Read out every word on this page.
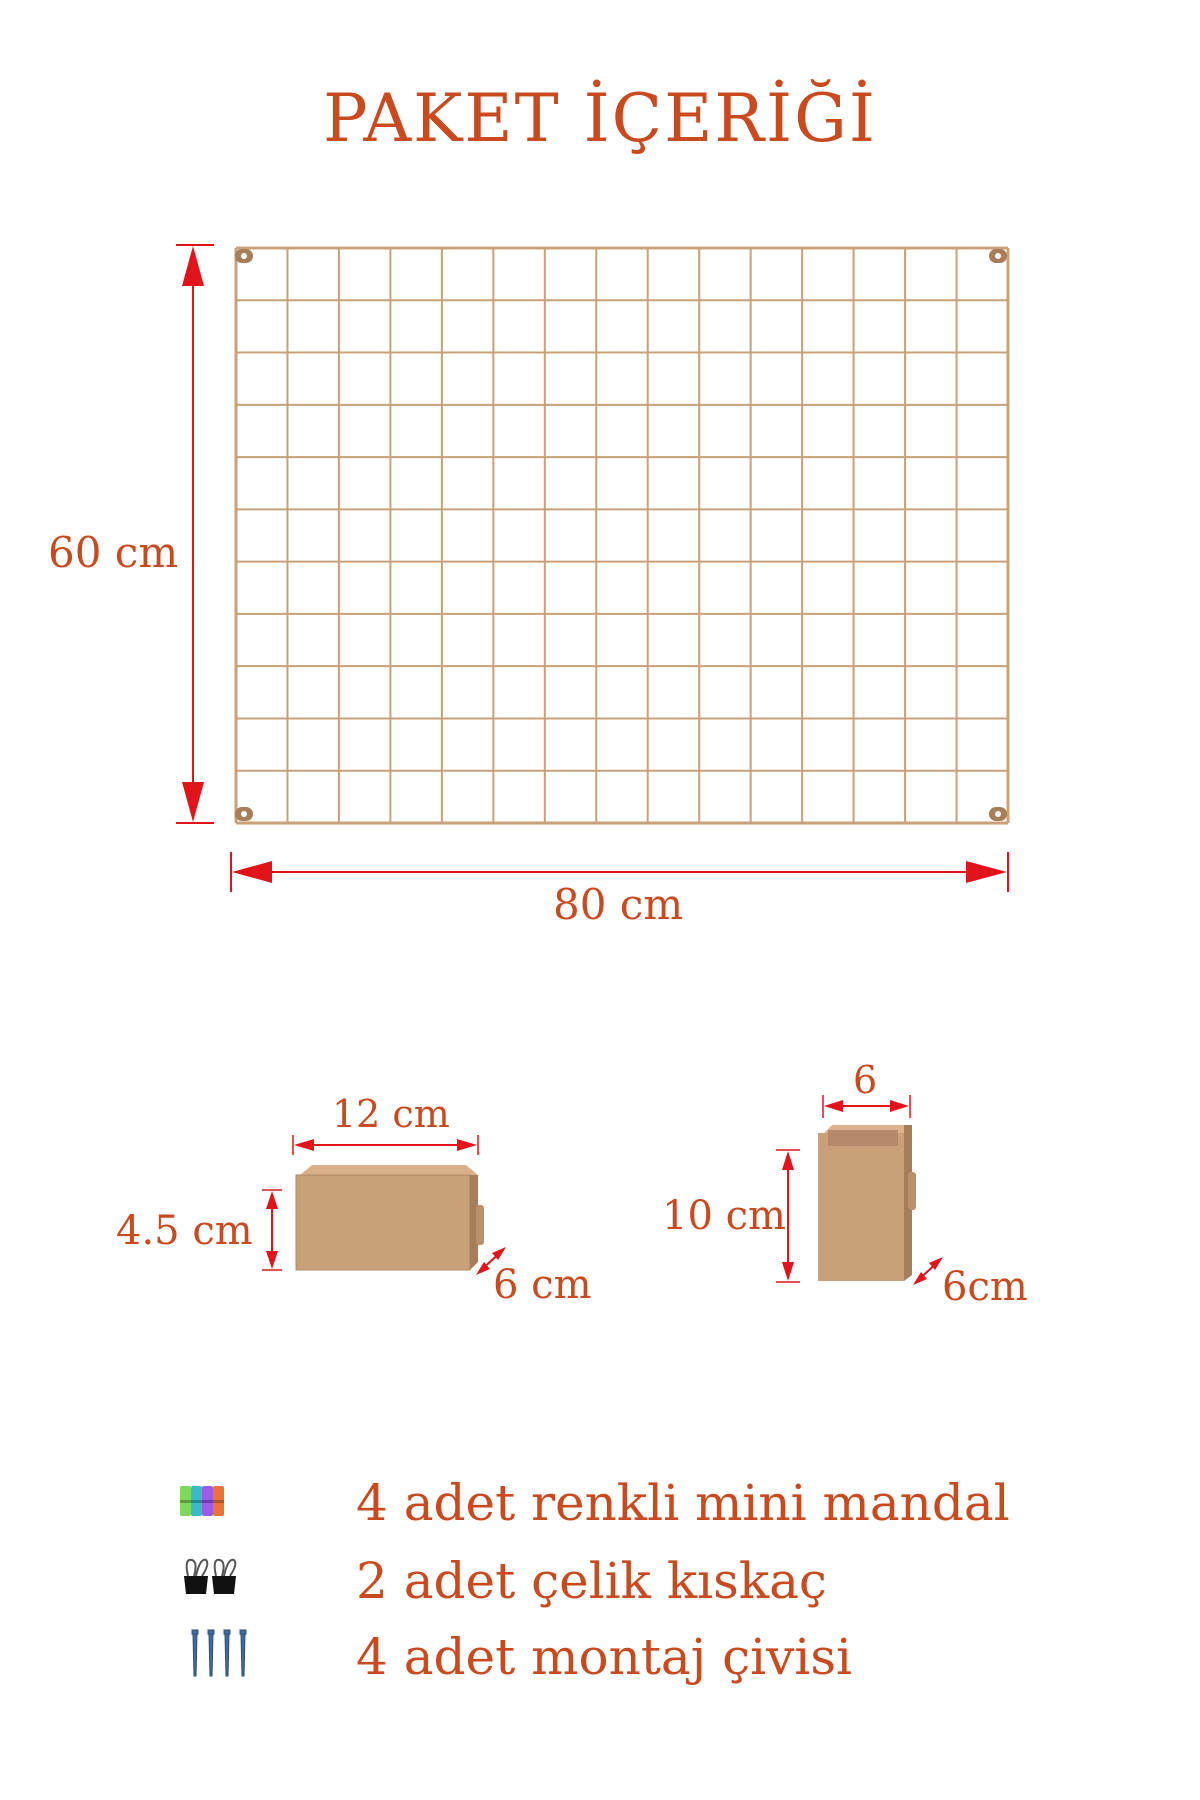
PAKET İÇERİĞİ
60 cm
80 cm
12 cm
4.5 cm
6 cm
6
10 cm
6cm
4 adet renkli mini mandal
2 adet çelik kıskaç
4 adet montaj çivisi
